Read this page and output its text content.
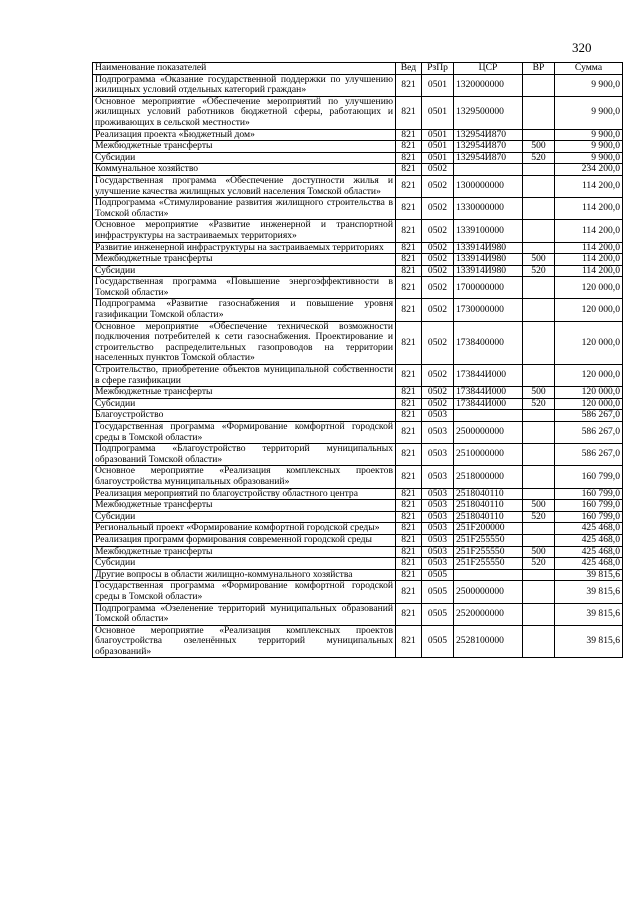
320
Наименование показателей	Вед	РзПр	ЦСР	ВР	Сумма
Подпрограмма «Оказание государственной поддержки по улучшению жилищных условий отдельных категорий граждан»	821	0501	1320000000		9 900,0
Основное мероприятие «Обеспечение мероприятий по улучшению жилищных условий работников бюджетной сферы, работающих и проживающих в сельской местности»	821	0501	1329500000		9 900,0
Реализация проекта «Бюджетный дом»	821	0501	132954И870		9 900,0
Межбюджетные трансферты	821	0501	132954И870	500	9 900,0
Субсидии	821	0501	132954И870	520	9 900,0
Коммунальное хозяйство	821	0502			234 200,0
Государственная программа «Обеспечение доступности жилья и улучшение качества жилищных условий населения Томской области»	821	0502	1300000000		114 200,0
Подпрограмма «Стимулирование развития жилищного строительства в Томской области»	821	0502	1330000000		114 200,0
Основное мероприятие «Развитие инженерной и транспортной инфраструктуры на застраиваемых территориях»	821	0502	1339100000		114 200,0
Развитие инженерной инфраструктуры на застраиваемых территориях	821	0502	133914И980		114 200,0
Межбюджетные трансферты	821	0502	133914И980	500	114 200,0
Субсидии	821	0502	133914И980	520	114 200,0
Государственная программа «Повышение энергоэффективности в Томской области»	821	0502	1700000000		120 000,0
Подпрограмма «Развитие газоснабжения и повышение уровня газификации Томской области»	821	0502	1730000000		120 000,0
Основное мероприятие «Обеспечение технической возможности подключения потребителей к сети газоснабжения. Проектирование и строительство распределительных газопроводов на территории населенных пунктов Томской области»	821	0502	1738400000		120 000,0
Строительство, приобретение объектов муниципальной собственности в сфере газификации	821	0502	173844И000		120 000,0
Межбюджетные трансферты	821	0502	173844И000	500	120 000,0
Субсидии	821	0502	173844И000	520	120 000,0
Благоустройство	821	0503			586 267,0
Государственная программа «Формирование комфортной городской среды в Томской области»	821	0503	2500000000		586 267,0
Подпрограмма «Благоустройство территорий муниципальных образований Томской области»	821	0503	2510000000		586 267,0
Основное мероприятие «Реализация комплексных проектов благоустройства муниципальных образований»	821	0503	2518000000		160 799,0
Реализация мероприятий по благоустройству областного центра	821	0503	2518040110		160 799,0
Межбюджетные трансферты	821	0503	2518040110	500	160 799,0
Субсидии	821	0503	2518040110	520	160 799,0
Региональный проект «Формирование комфортной городской среды»	821	0503	251F200000		425 468,0
Реализация программ формирования современной городской среды	821	0503	251F255550		425 468,0
Межбюджетные трансферты	821	0503	251F255550	500	425 468,0
Субсидии	821	0503	251F255550	520	425 468,0
Другие вопросы в области жилищно-коммунального хозяйства	821	0505			39 815,6
Государственная программа «Формирование комфортной городской среды в Томской области»	821	0505	2500000000		39 815,6
Подпрограмма «Озеленение территорий муниципальных образований Томской области»	821	0505	2520000000		39 815,6
Основное мероприятие «Реализация комплексных проектов благоустройства озеленённых территорий муниципальных образований»	821	0505	2528100000		39 815,6
